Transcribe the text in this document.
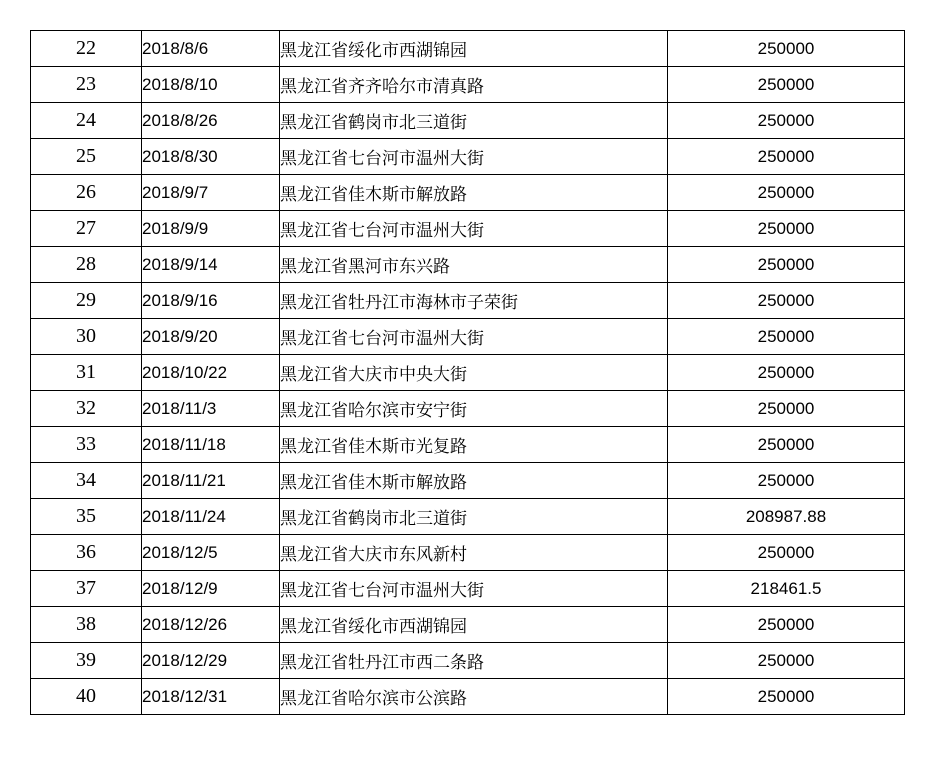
22	2018/8/6	黑龙江省绥化市西湖锦园	250000
23	2018/8/10	黑龙江省齐齐哈尔市清真路	250000
24	2018/8/26	黑龙江省鹤岗市北三道街	250000
25	2018/8/30	黑龙江省七台河市温州大街	250000
26	2018/9/7	黑龙江省佳木斯市解放路	250000
27	2018/9/9	黑龙江省七台河市温州大街	250000
28	2018/9/14	黑龙江省黑河市东兴路	250000
29	2018/9/16	黑龙江省牡丹江市海林市子荣街	250000
30	2018/9/20	黑龙江省七台河市温州大街	250000
31	2018/10/22	黑龙江省大庆市中央大街	250000
32	2018/11/3	黑龙江省哈尔滨市安宁街	250000
33	2018/11/18	黑龙江省佳木斯市光复路	250000
34	2018/11/21	黑龙江省佳木斯市解放路	250000
35	2018/11/24	黑龙江省鹤岗市北三道街	208987.88
36	2018/12/5	黑龙江省大庆市东风新村	250000
37	2018/12/9	黑龙江省七台河市温州大街	218461.5
38	2018/12/26	黑龙江省绥化市西湖锦园	250000
39	2018/12/29	黑龙江省牡丹江市西二条路	250000
40	2018/12/31	黑龙江省哈尔滨市公滨路	250000
